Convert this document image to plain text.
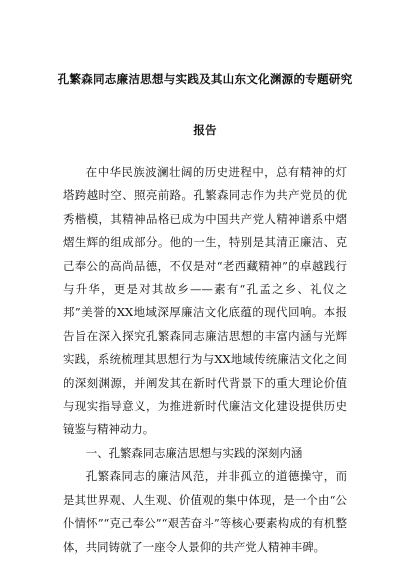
孔繁森同志廉洁思想与实践及其山东文化渊源的专题研究
报告

在中华民族波澜壮阔的历史进程中，总有精神的灯塔跨越时空、照亮前路。孔繁森同志作为共产党员的优秀楷模，其精神品格已成为中国共产党人精神谱系中熠熠生辉的组成部分。他的一生，特别是其清正廉洁、克己奉公的高尚品德，不仅是对“老西藏精神”的卓越践行与升华，更是对其故乡——素有“孔孟之乡、礼仪之邦”美誉的XX地域深厚廉洁文化底蕴的现代回响。本报告旨在深入探究孔繁森同志廉洁思想的丰富内涵与光辉实践，系统梳理其思想行为与XX地域传统廉洁文化之间的深刻渊源，并阐发其在新时代背景下的重大理论价值与现实指导意义，为推进新时代廉洁文化建设提供历史镜鉴与精神动力。

一、孔繁森同志廉洁思想与实践的深刻内涵

孔繁森同志的廉洁风范，并非孤立的道德操守，而是其世界观、人生观、价值观的集中体现，是一个由“公仆情怀”“克己奉公”“艰苦奋斗”等核心要素构成的有机整体，共同铸就了一座令人景仰的共产党人精神丰碑。
